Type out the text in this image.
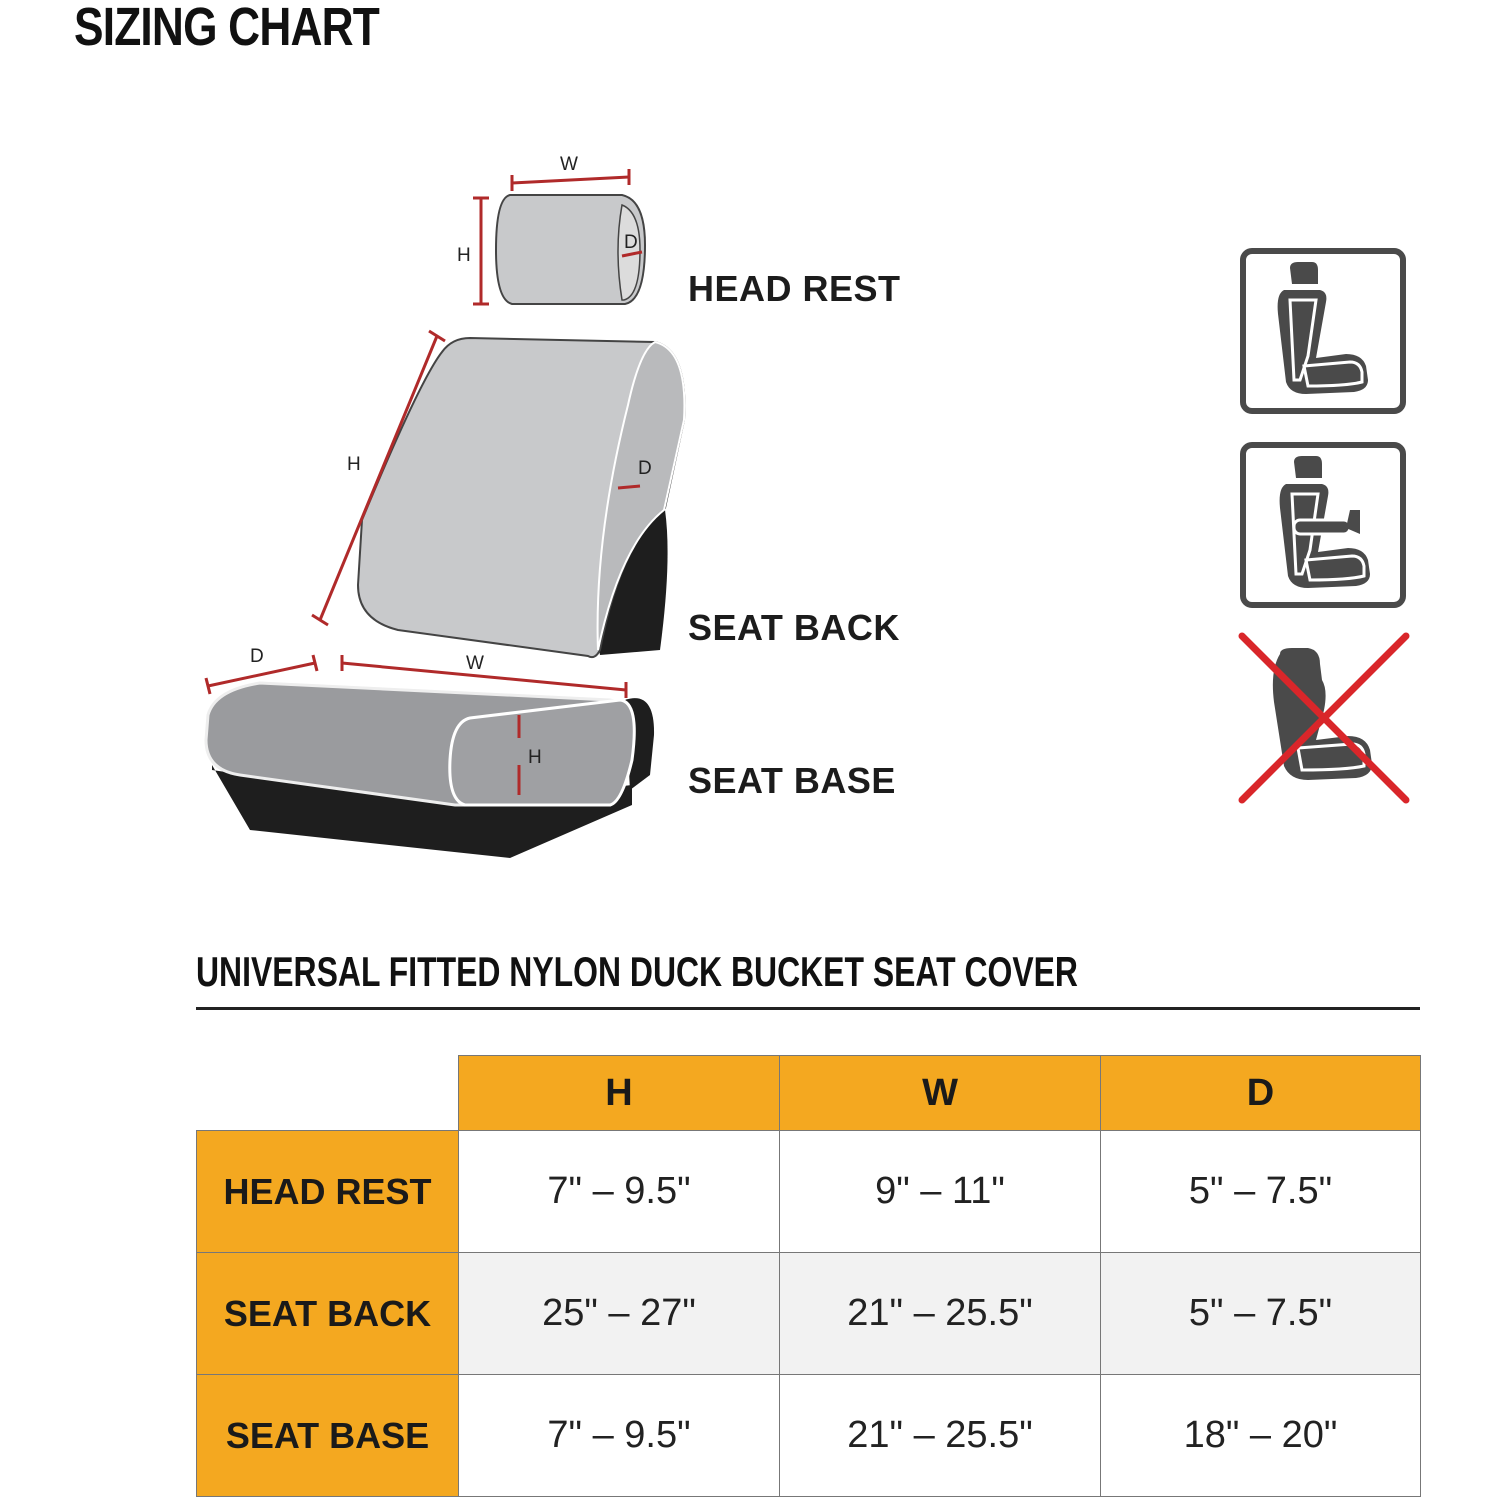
SIZING CHART
W
H
D
H	D
D	W
H
HEAD REST
SEAT BACK
SEAT BASE
UNIVERSAL FITTED NYLON DUCK BUCKET SEAT COVER
	H	W	D
HEAD REST	7" – 9.5"	9" – 11"	5" – 7.5"
SEAT BACK	25" – 27"	21" – 25.5"	5" – 7.5"
SEAT BASE	7" – 9.5"	21" – 25.5"	18" – 20"
